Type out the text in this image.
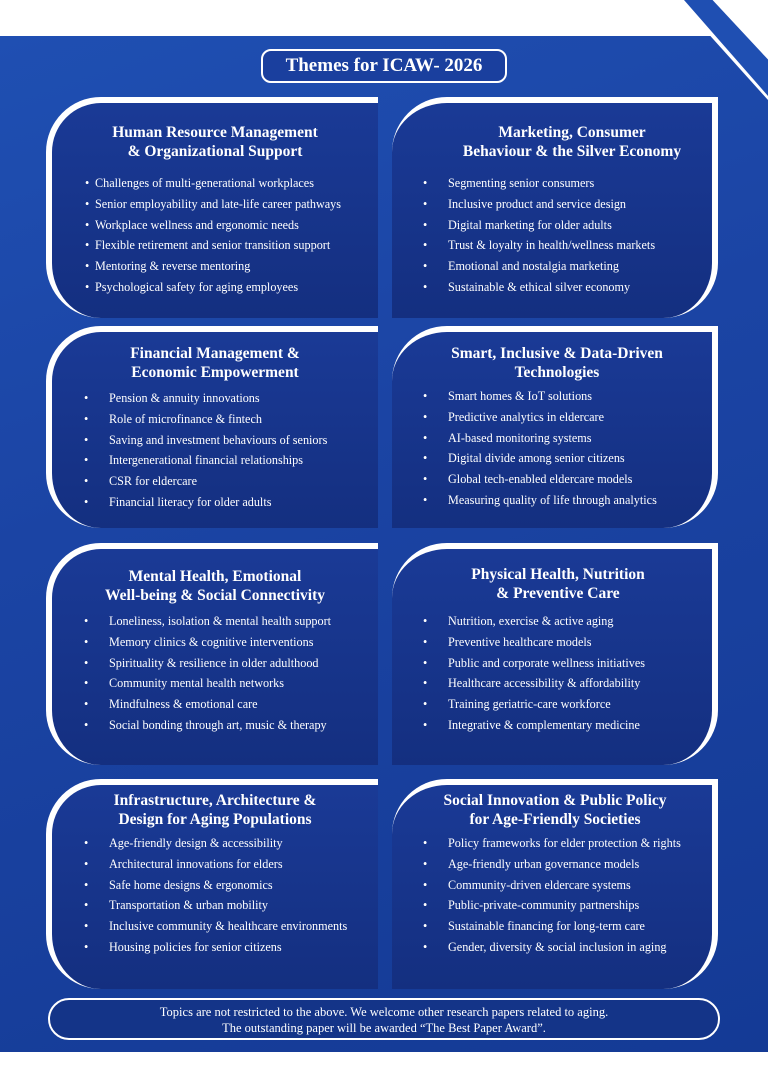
Themes for ICAW- 2026
Human Resource Management
& Organizational Support
• Challenges of multi-generational workplaces
• Senior employability and late-life career pathways
• Workplace wellness and ergonomic needs
• Flexible retirement and senior transition support
• Mentoring & reverse mentoring
• Psychological safety for aging employees
Marketing, Consumer
Behaviour & the Silver Economy
• Segmenting senior consumers
• Inclusive product and service design
• Digital marketing for older adults
• Trust & loyalty in health/wellness markets
• Emotional and nostalgia marketing
• Sustainable & ethical silver economy
Financial Management &
Economic Empowerment
• Pension & annuity innovations
• Role of microfinance & fintech
• Saving and investment behaviours of seniors
• Intergenerational financial relationships
• CSR for eldercare
• Financial literacy for older adults
Smart, Inclusive & Data-Driven
Technologies
• Smart homes & IoT solutions
• Predictive analytics in eldercare
• AI-based monitoring systems
• Digital divide among senior citizens
• Global tech-enabled eldercare models
• Measuring quality of life through analytics
Mental Health, Emotional
Well-being & Social Connectivity
• Loneliness, isolation & mental health support
• Memory clinics & cognitive interventions
• Spirituality & resilience in older adulthood
• Community mental health networks
• Mindfulness & emotional care
• Social bonding through art, music & therapy
Physical Health, Nutrition
& Preventive Care
• Nutrition, exercise & active aging
• Preventive healthcare models
• Public and corporate wellness initiatives
• Healthcare accessibility & affordability
• Training geriatric-care workforce
• Integrative & complementary medicine
Infrastructure, Architecture &
Design for Aging Populations
• Age-friendly design & accessibility
• Architectural innovations for elders
• Safe home designs & ergonomics
• Transportation & urban mobility
• Inclusive community & healthcare environments
• Housing policies for senior citizens
Social Innovation & Public Policy
for Age-Friendly Societies
• Policy frameworks for elder protection & rights
• Age-friendly urban governance models
• Community-driven eldercare systems
• Public-private-community partnerships
• Sustainable financing for long-term care
• Gender, diversity & social inclusion in aging
Topics are not restricted to the above. We welcome other research papers related to aging.
The outstanding paper will be awarded “The Best Paper Award”.
